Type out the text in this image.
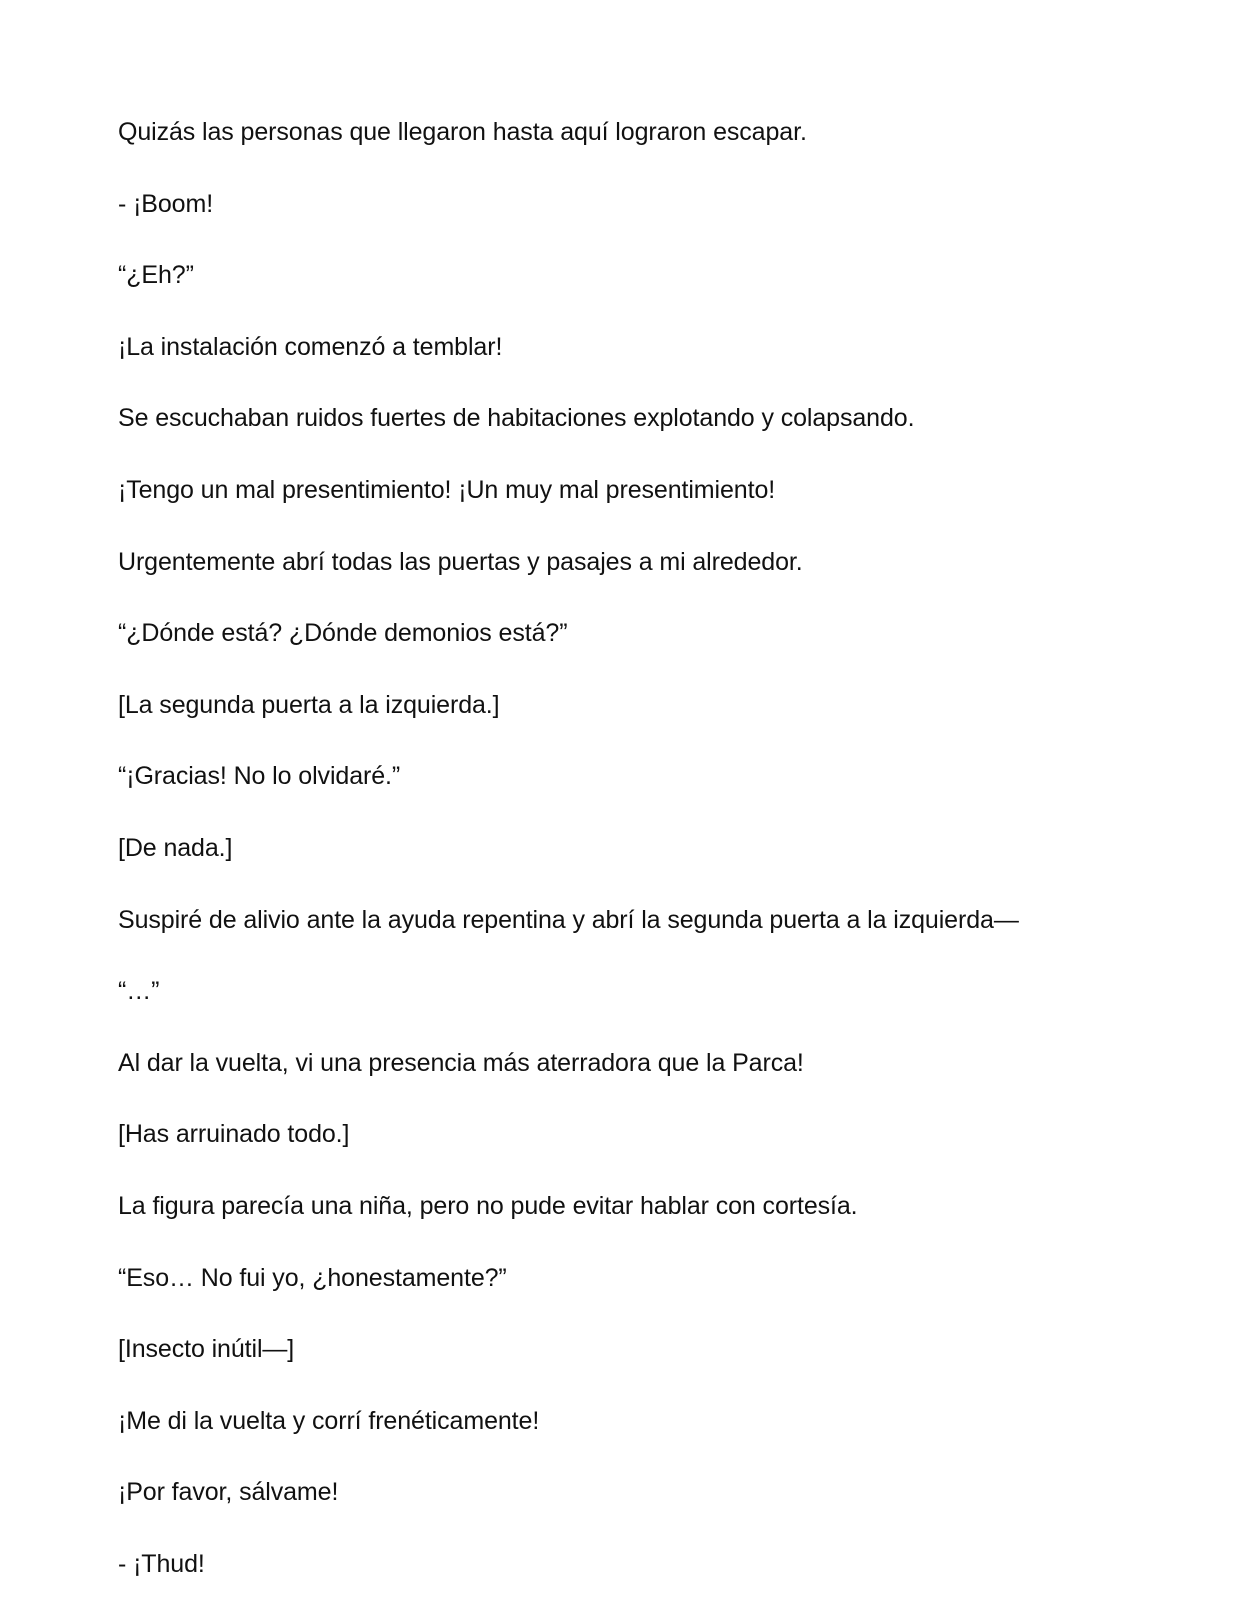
Quizás las personas que llegaron hasta aquí lograron escapar.

- ¡Boom!

“¿Eh?”

¡La instalación comenzó a temblar!

Se escuchaban ruidos fuertes de habitaciones explotando y colapsando.

¡Tengo un mal presentimiento! ¡Un muy mal presentimiento!

Urgentemente abrí todas las puertas y pasajes a mi alrededor.

“¿Dónde está? ¿Dónde demonios está?”

[La segunda puerta a la izquierda.]

“¡Gracias! No lo olvidaré.”

[De nada.]

Suspiré de alivio ante la ayuda repentina y abrí la segunda puerta a la izquierda—

“…”

Al dar la vuelta, vi una presencia más aterradora que la Parca!

[Has arruinado todo.]

La figura parecía una niña, pero no pude evitar hablar con cortesía.

“Eso… No fui yo, ¿honestamente?”

[Insecto inútil—]

¡Me di la vuelta y corrí frenéticamente!

¡Por favor, sálvame!

- ¡Thud!
